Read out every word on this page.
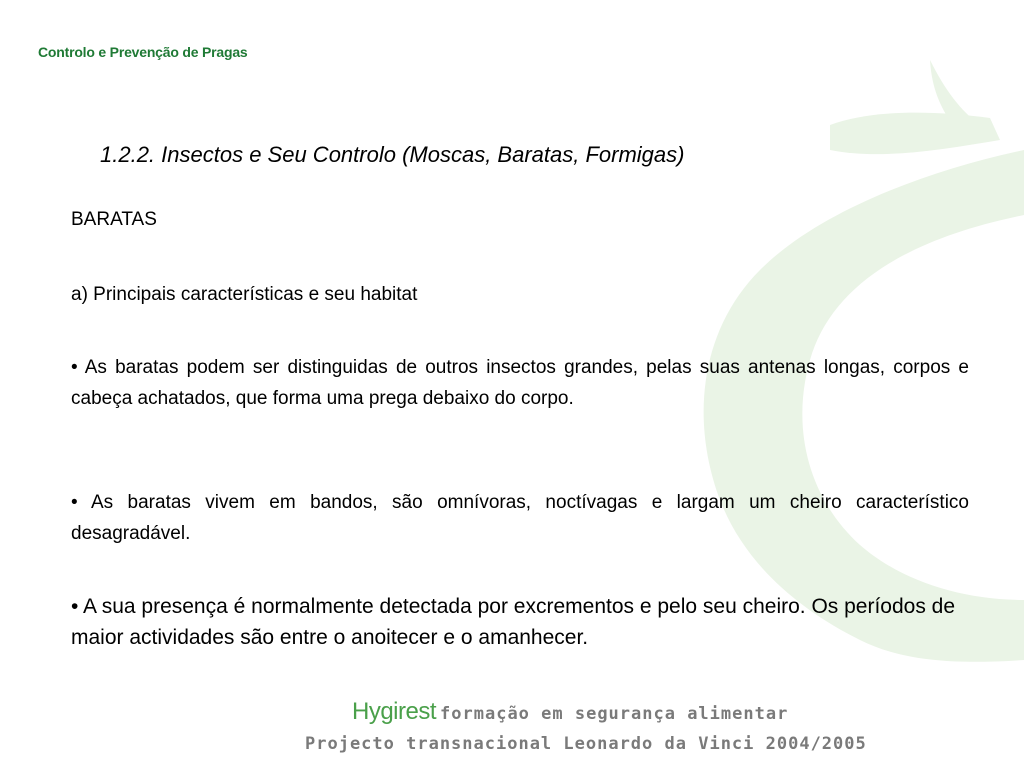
Controlo e Prevenção de Pragas
1.2.2. Insectos e Seu Controlo (Moscas, Baratas, Formigas)
BARATAS
a) Principais características e seu habitat
• As baratas podem ser distinguidas de outros insectos grandes, pelas suas antenas longas, corpos e cabeça achatados, que forma uma prega debaixo do corpo.
• As baratas vivem em bandos, são omnívoras, noctívagas e largam um cheiro característico desagradável.
• A sua presença é normalmente detectada por excrementos e pelo seu cheiro. Os períodos de maior actividades são entre o anoitecer e o amanhecer.
Hygirest formação em segurança alimentar
Projecto transnacional Leonardo da Vinci 2004/2005
